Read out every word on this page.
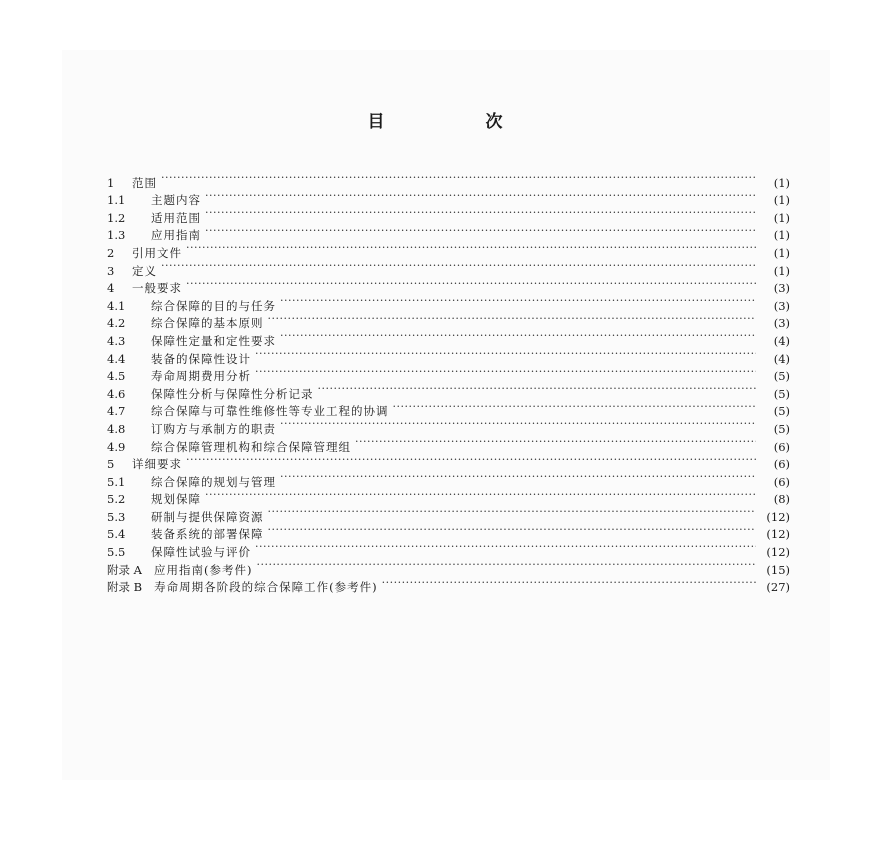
目　次
1	范围 ·····	(1)
1.1	主题内容 ·····	(1)
1.2	适用范围 ·····	(1)
1.3	应用指南 ·····	(1)
2	引用文件 ·····	(1)
3	定义 ·····	(1)
4	一般要求 ·····	(3)
4.1	综合保障的目的与任务 ·····	(3)
4.2	综合保障的基本原则 ·····	(3)
4.3	保障性定量和定性要求 ·····	(4)
4.4	装备的保障性设计 ·····	(4)
4.5	寿命周期费用分析 ·····	(5)
4.6	保障性分析与保障性分析记录 ·····	(5)
4.7	综合保障与可靠性维修性等专业工程的协调 ·····	(5)
4.8	订购方与承制方的职责 ·····	(5)
4.9	综合保障管理机构和综合保障管理组 ·····	(6)
5	详细要求 ·····	(6)
5.1	综合保障的规划与管理 ·····	(6)
5.2	规划保障 ·····	(8)
5.3	研制与提供保障资源 ·····	(12)
5.4	装备系统的部署保障 ·····	(12)
5.5	保障性试验与评价 ·····	(12)
附录 A 应用指南(参考件) ·····	(15)
附录 B 寿命周期各阶段的综合保障工作(参考件) ·····	(27)
